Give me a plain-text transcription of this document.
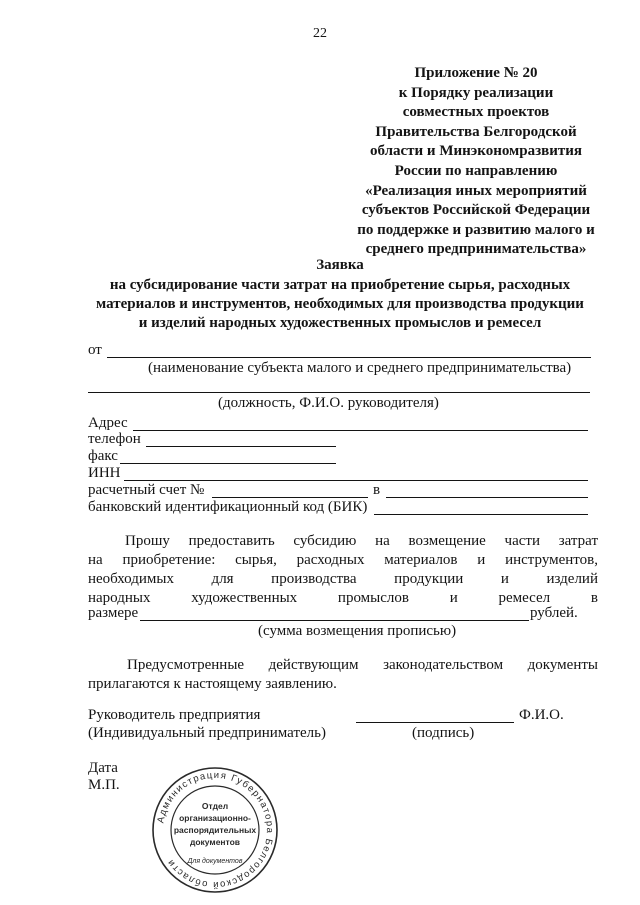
22
Приложение № 20
к Порядку реализации
совместных проектов
Правительства Белгородской
области и Минэкономразвития
России по направлению
«Реализация иных мероприятий
субъектов Российской Федерации
по поддержке и развитию малого и
среднего предпринимательства»
Заявка
на субсидирование части затрат на приобретение сырья, расходных
материалов и инструментов, необходимых для производства продукции
и изделий народных художественных промыслов и ремесел
от
(наименование субъекта малого и среднего предпринимательства)
(должность, Ф.И.О. руководителя)
Адрес
телефон
факс
ИНН
расчетный счет №	в
банковский идентификационный код (БИК)
Прошу предоставить субсидию на возмещение части затрат
на приобретение: сырья, расходных материалов и инструментов,
необходимых для производства продукции и изделий
народных художественных промыслов и ремесел в
размере	рублей.
(сумма возмещения прописью)
Предусмотренные действующим законодательством документы
прилагаются к настоящему заявлению.
Руководитель предприятия	Ф.И.О.
(Индивидуальный предприниматель)	(подпись)
Дата
М.П.
Администрация Губернатора Белгородской области
Отдел
организационно-
распорядительных
документов
Для документов
